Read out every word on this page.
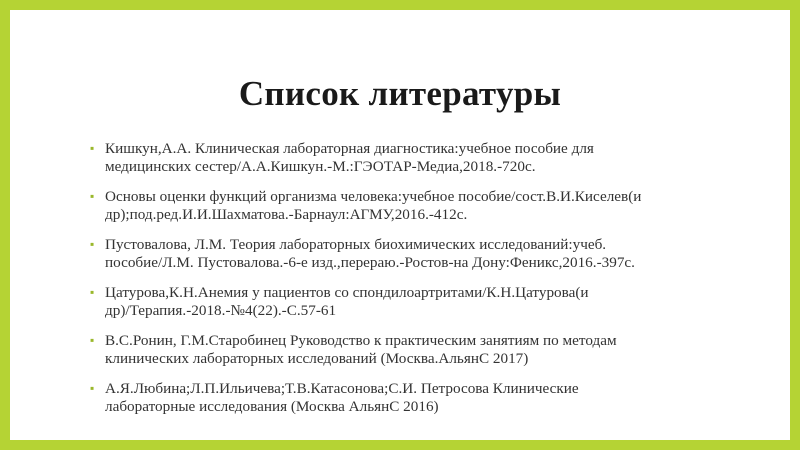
Список литературы
▪ Кишкун,А.А. Клиническая лабораторная диагностика:учебное пособие для
медицинских сестер/А.А.Кишкун.-М.:ГЭОТАР-Медиа,2018.-720с.
▪ Основы оценки функций организма человека:учебное пособие/сост.В.И.Киселев(и
др);под.ред.И.И.Шахматова.-Барнаул:АГМУ,2016.-412с.
▪ Пустовалова, Л.М. Теория лабораторных биохимических исследований:учеб.
пособие/Л.М. Пустовалова.-6-е изд.,перераю.-Ростов-на Дону:Феникс,2016.-397с.
▪ Цатурова,К.Н.Анемия у пациентов со спондилоартритами/К.Н.Цатурова(и
др)/Терапия.-2018.-№4(22).-С.57-61
▪ В.С.Ронин, Г.М.Старобинец Руководство к практическим занятиям по методам
клинических лабораторных исследований (Москва.АльянС 2017)
▪ А.Я.Любина;Л.П.Ильичева;Т.В.Катасонова;С.И. Петросова Клинические
лабораторные исследования (Москва АльянС 2016)
